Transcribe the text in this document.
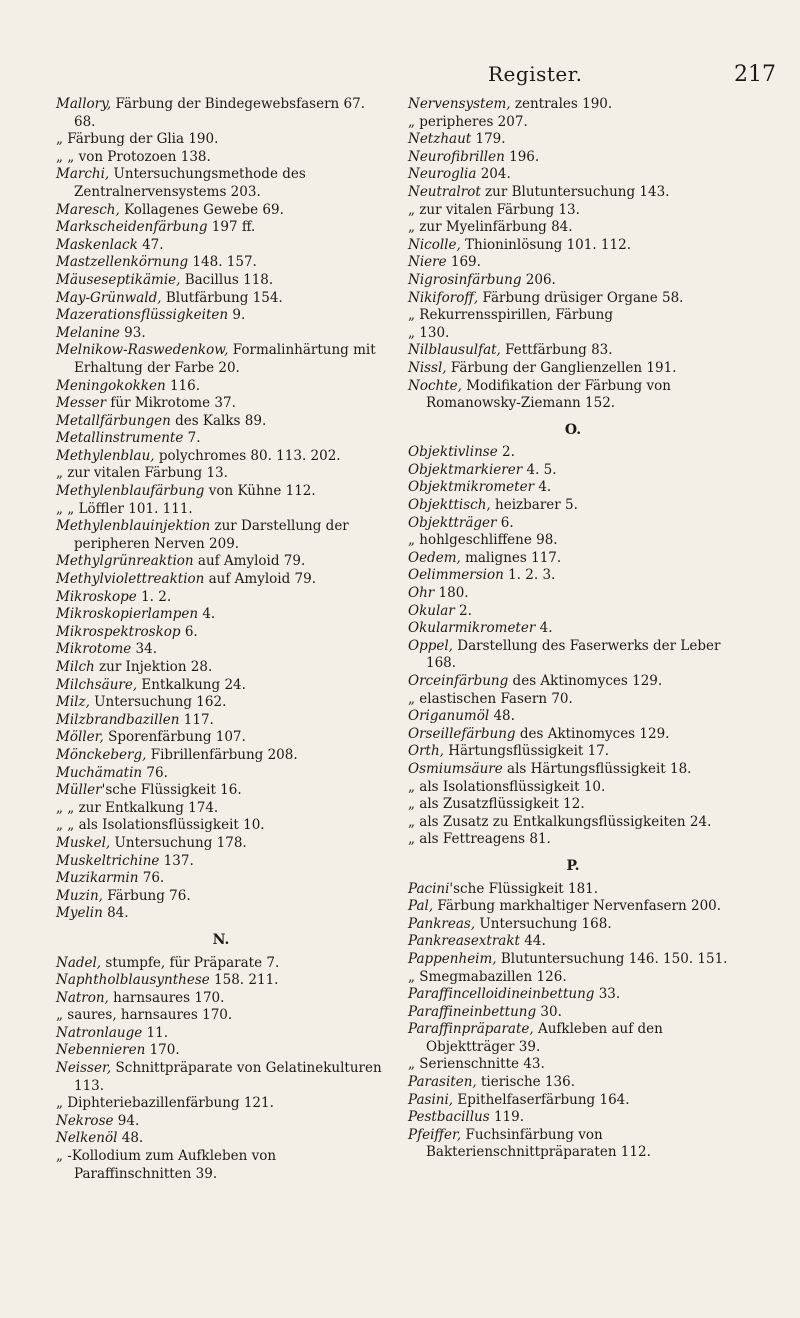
Register.	217

Mallory, Färbung der Bindegewebsfasern 67. 68.

„ Färbung der Glia 190.

„ „ von Protozoen 138.

Marchi, Untersuchungsmethode des Zentralnervensystems 203.

Maresch, Kollagenes Gewebe 69.

Markscheidenfärbung 197 ff.

Maskenlack 47.

Mastzellenkörnung 148. 157.

Mäuseseptikämie, Bacillus 118.

May-Grünwald, Blutfärbung 154.

Mazerationsflüssigkeiten 9.

Melanine 93.

Melnikow-Raswedenkow, Formalinhärtung mit Erhaltung der Farbe 20.

Meningokokken 116.

Messer für Mikrotome 37.

Metallfärbungen des Kalks 89.

Metallinstrumente 7.

Methylenblau, polychromes 80. 113. 202.

„ zur vitalen Färbung 13.

Methylenblaufärbung von Kühne 112.

„ „ Löffler 101. 111.

Methylenblauinjektion zur Darstellung der peripheren Nerven 209.

Methylgrünreaktion auf Amyloid 79.

Methylviolettreaktion auf Amyloid 79.

Mikroskope 1. 2.

Mikroskopierlampen 4.

Mikrospektroskop 6.

Mikrotome 34.

Milch zur Injektion 28.

Milchsäure, Entkalkung 24.

Milz, Untersuchung 162.

Milzbrandbazillen 117.

Möller, Sporenfärbung 107.

Mönckeberg, Fibrillenfärbung 208.

Muchämatin 76.

Müller'sche Flüssigkeit 16.

„ „ zur Entkalkung 174.

„ „ als Isolationsflüssigkeit 10.

Muskel, Untersuchung 178.

Muskeltrichine 137.

Muzikarmin 76.

Muzin, Färbung 76.

Myelin 84.

N.

Nadel, stumpfe, für Präparate 7.

Naphtholblausynthese 158. 211.

Natron, harnsaures 170.

„ saures, harnsaures 170.

Natronlauge 11.

Nebennieren 170.

Neisser, Schnittpräparate von Gelatinekulturen 113.

„ Diphteriebazillenfärbung 121.

Nekrose 94.

Nelkenöl 48.

„ -Kollodium zum Aufkleben von Paraffinschnitten 39.

Nervensystem, zentrales 190.

„ peripheres 207.

Netzhaut 179.

Neurofibrillen 196.

Neuroglia 204.

Neutralrot zur Blutuntersuchung 143.

„ zur vitalen Färbung 13.

„ zur Myelinfärbung 84.

Nicolle, Thioninlösung 101. 112.

Niere 169.

Nigrosinfärbung 206.

Nikiforoff, Färbung drüsiger Organe 58.

„ Rekurrensspirillen, Färbung

„ 130.

Nilblausulfat, Fettfärbung 83.

Nissl, Färbung der Ganglienzellen 191.

Nochte, Modifikation der Färbung von Romanowsky-Ziemann 152.

O.

Objektivlinse 2.

Objektmarkierer 4. 5.

Objektmikrometer 4.

Objekttisch, heizbarer 5.

Objektträger 6.

„ hohlgeschliffene 98.

Oedem, malignes 117.

Oelimmersion 1. 2. 3.

Ohr 180.

Okular 2.

Okularmikrometer 4.

Oppel, Darstellung des Faserwerks der Leber 168.

Orceinfärbung des Aktinomyces 129.

„ elastischen Fasern 70.

Origanumöl 48.

Orseillefärbung des Aktinomyces 129.

Orth, Härtungsflüssigkeit 17.

Osmiumsäure als Härtungsflüssigkeit 18.

„ als Isolationsflüssigkeit 10.

„ als Zusatzflüssigkeit 12.

„ als Zusatz zu Entkalkungsflüssigkeiten 24.

„ als Fettreagens 81.

P.

Pacini'sche Flüssigkeit 181.

Pal, Färbung markhaltiger Nervenfasern 200.

Pankreas, Untersuchung 168.

Pankreasextrakt 44.

Pappenheim, Blutuntersuchung 146. 150. 151.

„ Smegmabazillen 126.

Paraffincelloidineinbettung 33.

Paraffineinbettung 30.

Paraffinpräparate, Aufkleben auf den Objektträger 39.

„ Serienschnitte 43.

Parasiten, tierische 136.

Pasini, Epithelfaserfärbung 164.

Pestbacillus 119.

Pfeiffer, Fuchsinfärbung von Bakterienschnittpräparaten 112.
